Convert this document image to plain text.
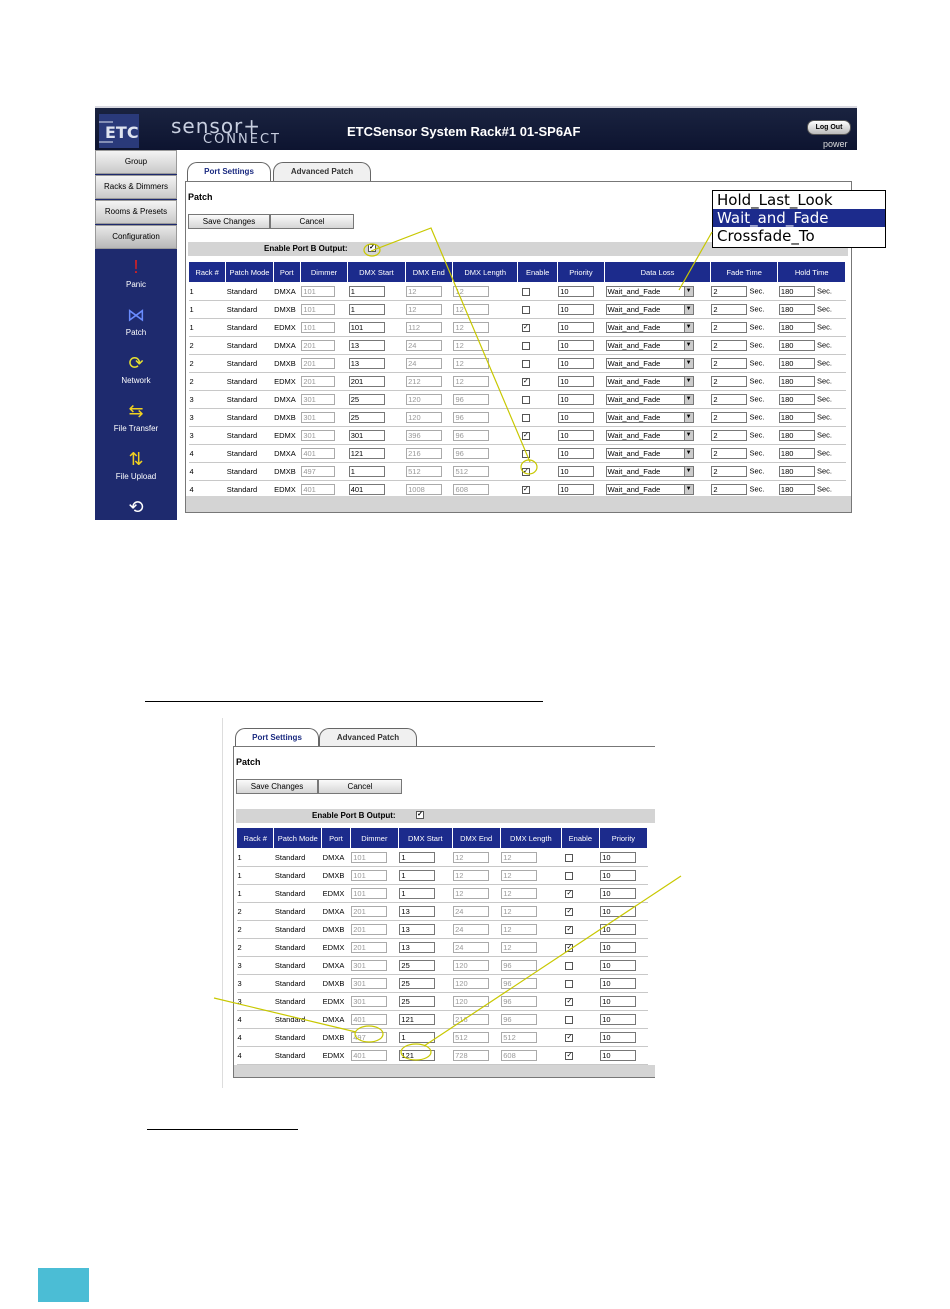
ETC sensor+
CONNECT
ETCSensor System Rack#1 01-SP6AF	Log Out
power
Group
Racks & Dimmers
Rooms & Presets
Configuration
!
Panic
⋈
Patch
⟳
Network
⇆
File Transfer
⇅
File Upload
⟲
Port Settings	Advanced Patch
Patch
Save Changes	Cancel
Enable Port B Output:	✓
Rack #	Patch Mode	Port	Dimmer	DMX Start	DMX End	DMX Length	Enable	Priority	Data Loss	Fade Time	Hold Time
1	Standard	DMXA	101	1	12	12		10	Wait_and_Fade ▼	2 Sec.	180 Sec.
1	Standard	DMXB	101	1	12	12		10	Wait_and_Fade ▼	2 Sec.	180 Sec.
1	Standard	EDMX	101	101	112	12	✓	10	Wait_and_Fade ▼	2 Sec.	180 Sec.
2	Standard	DMXA	201	13	24	12		10	Wait_and_Fade ▼	2 Sec.	180 Sec.
2	Standard	DMXB	201	13	24	12		10	Wait_and_Fade ▼	2 Sec.	180 Sec.
2	Standard	EDMX	201	201	212	12	✓	10	Wait_and_Fade ▼	2 Sec.	180 Sec.
3	Standard	DMXA	301	25	120	96		10	Wait_and_Fade ▼	2 Sec.	180 Sec.
3	Standard	DMXB	301	25	120	96		10	Wait_and_Fade ▼	2 Sec.	180 Sec.
3	Standard	EDMX	301	301	396	96	✓	10	Wait_and_Fade ▼	2 Sec.	180 Sec.
4	Standard	DMXA	401	121	216	96		10	Wait_and_Fade ▼	2 Sec.	180 Sec.
4	Standard	DMXB	497	1	512	512	✓	10	Wait_and_Fade ▼	2 Sec.	180 Sec.
4	Standard	EDMX	401	401	1008	608	✓	10	Wait_and_Fade ▼	2 Sec.	180 Sec.
Hold_Last_Look
Wait_and_Fade
Crossfade_To
Port Settings	Advanced Patch
Patch
Save Changes	Cancel
Enable Port B Output:	✓
Rack #	Patch Mode	Port	Dimmer	DMX Start	DMX End	DMX Length	Enable	Priority
1	Standard	DMXA	101	1	12	12		10
1	Standard	DMXB	101	1	12	12		10
1	Standard	EDMX	101	1	12	12	✓	10
2	Standard	DMXA	201	13	24	12	✓	10
2	Standard	DMXB	201	13	24	12	✓	10
2	Standard	EDMX	201	13	24	12	✓	10
3	Standard	DMXA	301	25	120	96		10
3	Standard	DMXB	301	25	120	96		10
3	Standard	EDMX	301	25	120	96	✓	10
4	Standard	DMXA	401	121	216	96		10
4	Standard	DMXB	497	1	512	512	✓	10
4	Standard	EDMX	401	121	728	608	✓	10
